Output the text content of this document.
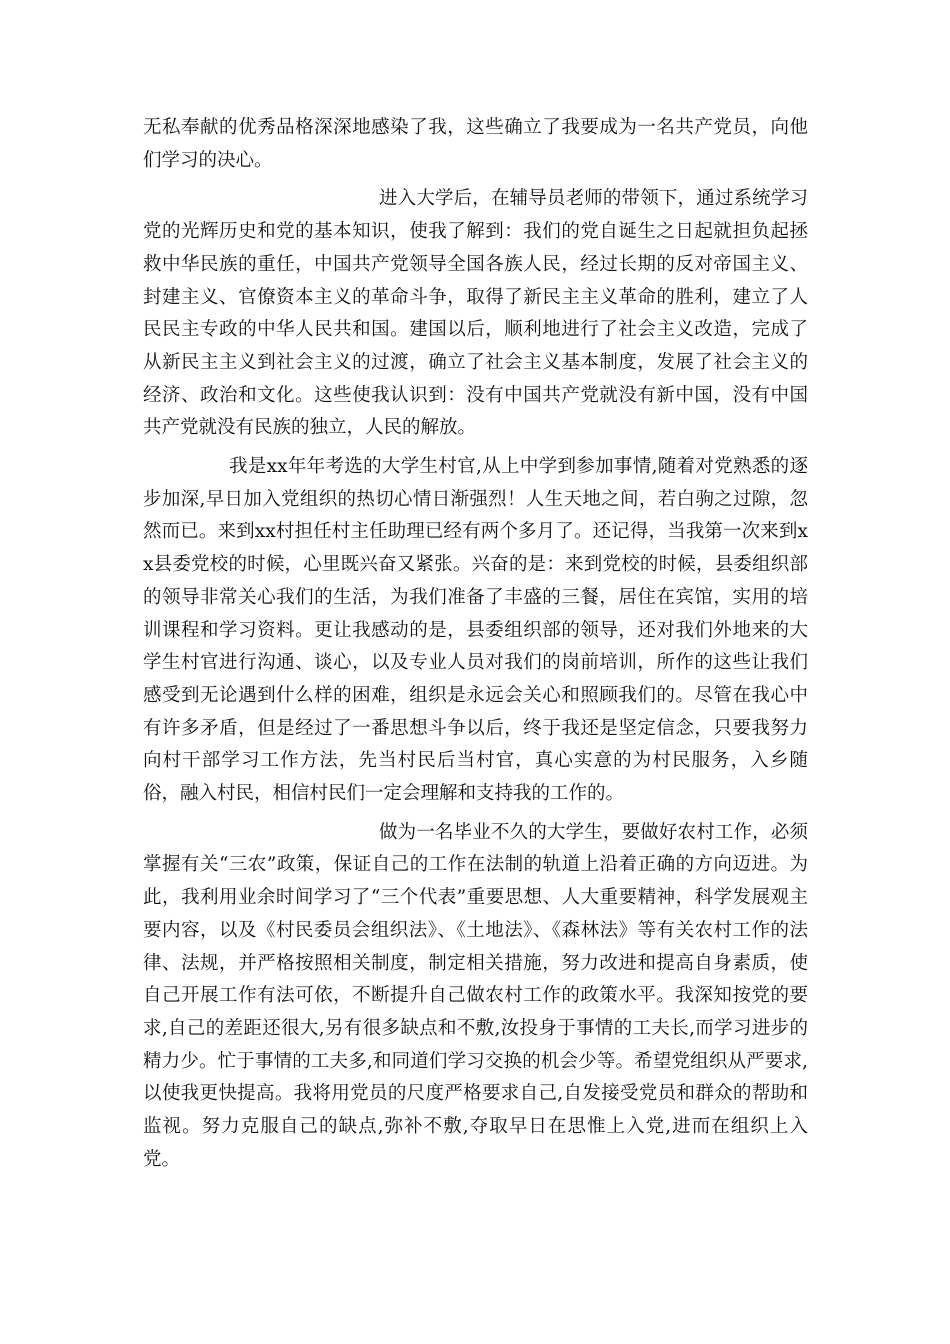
无私奉献的优秀品格深深地感染了我，这些确立了我要成为一名共产党员，向他们学习的决心。

进入大学后，在辅导员老师的带领下，通过系统学习党的光辉历史和党的基本知识，使我了解到：我们的党自诞生之日起就担负起拯救中华民族的重任，中国共产党领导全国各族人民，经过长期的反对帝国主义、封建主义、官僚资本主义的革命斗争，取得了新民主主义革命的胜利，建立了人民民主专政的中华人民共和国。建国以后，顺利地进行了社会主义改造，完成了从新民主主义到社会主义的过渡，确立了社会主义基本制度，发展了社会主义的经济、政治和文化。这些使我认识到：没有中国共产党就没有新中国，没有中国共产党就没有民族的独立，人民的解放。

我是xx年年考选的大学生村官,从上中学到参加事情,随着对党熟悉的逐步加深,早日加入党组织的热切心情日渐强烈！人生天地之间，若白驹之过隙，忽然而已。来到xx村担任村主任助理已经有两个多月了。还记得，当我第一次来到xx县委党校的时候，心里既兴奋又紧张。兴奋的是：来到党校的时候，县委组织部的领导非常关心我们的生活，为我们准备了丰盛的三餐，居住在宾馆，实用的培训课程和学习资料。更让我感动的是，县委组织部的领导，还对我们外地来的大学生村官进行沟通、谈心，以及专业人员对我们的岗前培训，所作的这些让我们感受到无论遇到什么样的困难，组织是永远会关心和照顾我们的。尽管在我心中有许多矛盾，但是经过了一番思想斗争以后，终于我还是坚定信念，只要我努力向村干部学习工作方法，先当村民后当村官，真心实意的为村民服务，入乡随俗，融入村民，相信村民们一定会理解和支持我的工作的。

做为一名毕业不久的大学生，要做好农村工作，必须掌握有关“三农”政策，保证自己的工作在法制的轨道上沿着正确的方向迈进。为此，我利用业余时间学习了“三个代表”重要思想、人大重要精神，科学发展观主要内容，以及《村民委员会组织法》、《土地法》、《森林法》等有关农村工作的法律、法规，并严格按照相关制度，制定相关措施，努力改进和提高自身素质，使自己开展工作有法可依，不断提升自己做农村工作的政策水平。我深知按党的要求,自己的差距还很大,另有很多缺点和不敷,汝投身于事情的工夫长,而学习进步的精力少。忙于事情的工夫多,和同道们学习交换的机会少等。希望党组织从严要求,以使我更快提高。我将用党员的尺度严格要求自己,自发接受党员和群众的帮助和监视。努力克服自己的缺点,弥补不敷,夺取早日在思惟上入党,进而在组织上入党。
